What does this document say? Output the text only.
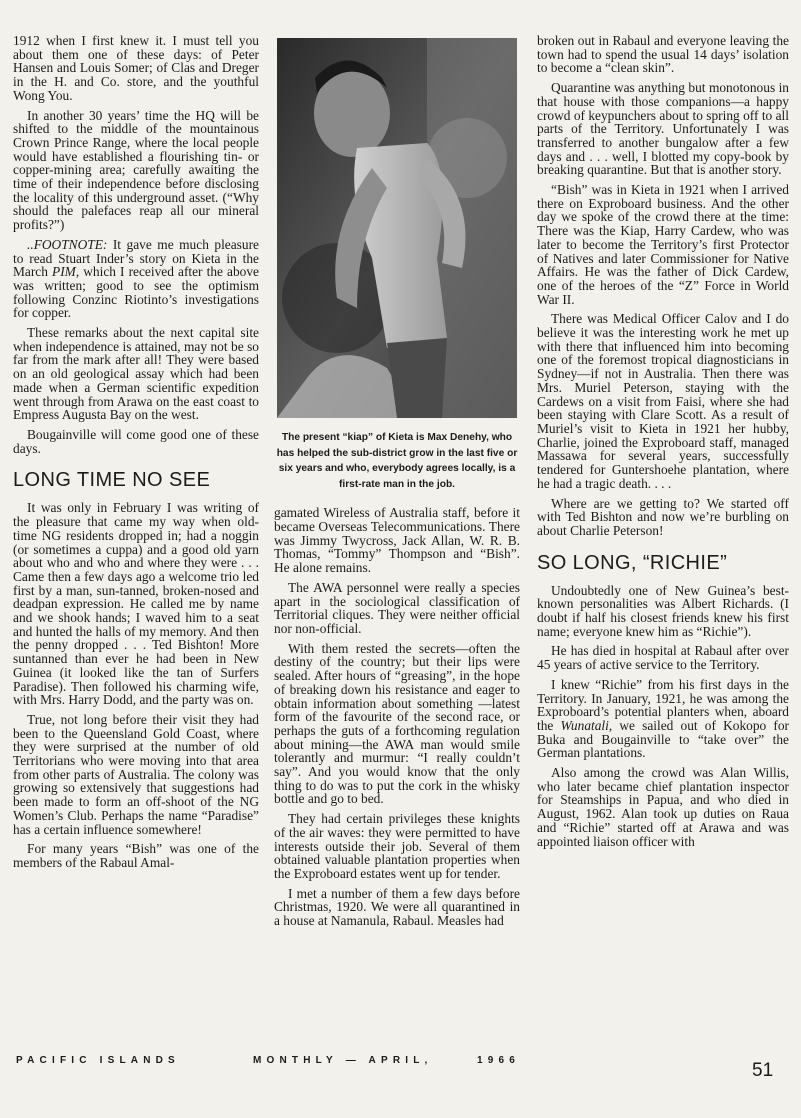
1912 when I first knew it. I must tell you about them one of these days: of Peter Hansen and Louis Somer; of Clas and Dreger in the H. and Co. store, and the youthful Wong You.

In another 30 years’ time the HQ will be shifted to the middle of the mountainous Crown Prince Range, where the local people would have established a flourishing tin- or copper-mining area; carefully awaiting the time of their independence before disclosing the locality of this underground asset. (“Why should the palefaces reap all our mineral profits?”)

..FOOTNOTE: It gave me much pleasure to read Stuart Inder’s story on Kieta in the March PIM, which I received after the above was written; good to see the optimism following Conzinc Riotinto’s investigations for copper.

These remarks about the next capital site when independence is attained, may not be so far from the mark after all! They were based on an old geological assay which had been made when a German scientific expedition went through from Arawa on the east coast to Empress Augusta Bay on the west.

Bougainville will come good one of these days.

LONG TIME NO SEE

It was only in February I was writing of the pleasure that came my way when old-time NG residents dropped in; had a noggin (or sometimes a cuppa) and a good old yarn about who and who and where they were . . . Came then a few days ago a welcome trio led first by a man, sun-tanned, broken-nosed and deadpan expression. He called me by name and we shook hands; I waved him to a seat and hunted the halls of my memory. And then the penny dropped . . . Ted Bishton! More suntanned than ever he had been in New Guinea (it looked like the tan of Surfers Paradise). Then followed his charming wife, with Mrs. Harry Dodd, and the party was on.

True, not long before their visit they had been to the Queensland Gold Coast, where they were surprised at the number of old Territorians who were moving into that area from other parts of Australia. The colony was growing so extensively that suggestions had been made to form an off-shoot of the NG Women’s Club. Perhaps the name “Paradise” has a certain influence somewhere!

For many years “Bish” was one of the members of the Rabaul Amal-

The present “kiap” of Kieta is Max Denehy, who has helped the sub-district grow in the last five or six years and who, everybody agrees locally, is a first-rate man in the job.

gamated Wireless of Australia staff, before it became Overseas Telecommunications. There was Jimmy Twycross, Jack Allan, W. R. B. Thomas, “Tommy” Thompson and “Bish”. He alone remains.

The AWA personnel were really a species apart in the sociological classification of Territorial cliques. They were neither official nor non-official.

With them rested the secrets—often the destiny of the country; but their lips were sealed. After hours of “greasing”, in the hope of breaking down his resistance and eager to obtain information about something —latest form of the favourite of the second race, or perhaps the guts of a forthcoming regulation about mining—the AWA man would smile tolerantly and murmur: “I really couldn’t say”. And you would know that the only thing to do was to put the cork in the whisky bottle and go to bed.

They had certain privileges these knights of the air waves: they were permitted to have interests outside their job. Several of them obtained valuable plantation properties when the Exproboard estates went up for tender.

I met a number of them a few days before Christmas, 1920. We were all quarantined in a house at Namanula, Rabaul. Measles had

broken out in Rabaul and everyone leaving the town had to spend the usual 14 days’ isolation to become a “clean skin”.

Quarantine was anything but monotonous in that house with those companions—a happy crowd of keypunchers about to spring off to all parts of the Territory. Unfortunately I was transferred to another bungalow after a few days and . . . well, I blotted my copy-book by breaking quarantine. But that is another story.

“Bish” was in Kieta in 1921 when I arrived there on Exproboard business. And the other day we spoke of the crowd there at the time: There was the Kiap, Harry Cardew, who was later to become the Territory’s first Protector of Natives and later Commissioner for Native Affairs. He was the father of Dick Cardew, one of the heroes of the “Z” Force in World War II.

There was Medical Officer Calov and I do believe it was the interesting work he met up with there that influenced him into becoming one of the foremost tropical diagnosticians in Sydney—if not in Australia. Then there was Mrs. Muriel Peterson, staying with the Cardews on a visit from Faisi, where she had been staying with Clare Scott. As a result of Muriel’s visit to Kieta in 1921 her hubby, Charlie, joined the Exproboard staff, managed Massawa for several years, successfully tendered for Guntershoehe plantation, where he had a tragic death. . . .

Where are we getting to? We started off with Ted Bishton and now we’re burbling on about Charlie Peterson!

SO LONG, “RICHIE”

Undoubtedly one of New Guinea’s best-known personalities was Albert Richards. (I doubt if half his closest friends knew his first name; everyone knew him as “Richie”).

He has died in hospital at Rabaul after over 45 years of active service to the Territory.

I knew “Richie” from his first days in the Territory. In January, 1921, he was among the Exproboard’s potential planters when, aboard the Wunatali, we sailed out of Kokopo for Buka and Bougainville to “take over” the German plantations.

Also among the crowd was Alan Willis, who later became chief plantation inspector for Steamships in Papua, and who died in August, 1962. Alan took up duties on Raua and “Richie” started off at Arawa and was appointed liaison officer with

PACIFIC ISLANDS	MONTHLY — APRIL,	1966	51
